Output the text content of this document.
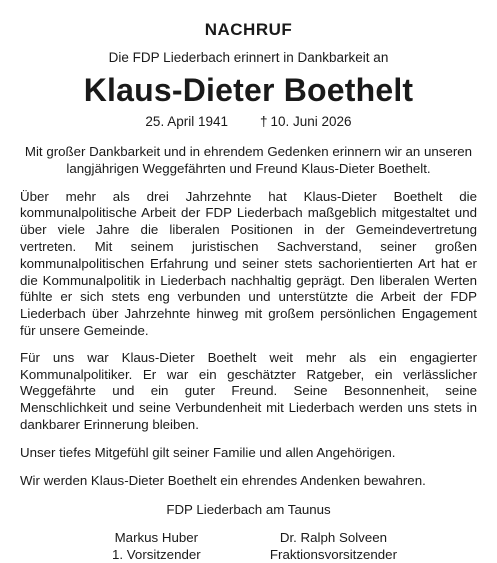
NACHRUF
Die FDP Liederbach erinnert in Dankbarkeit an
Klaus-Dieter Boethelt
25. April 1941 † 10. Juni 2026

Mit großer Dankbarkeit und in ehrendem Gedenken erinnern wir an unseren langjährigen Weggefährten und Freund Klaus-Dieter Boethelt.

Über mehr als drei Jahrzehnte hat Klaus-Dieter Boethelt die kommunalpolitische Arbeit der FDP Liederbach maßgeblich mitgestaltet und über viele Jahre die liberalen Positionen in der Gemeindevertretung vertreten. Mit seinem juristischen Sachverstand, seiner großen kommunalpolitischen Erfahrung und seiner stets sachorientierten Art hat er die Kommunalpolitik in Liederbach nachhaltig geprägt. Den liberalen Werten fühlte er sich stets eng verbunden und unterstützte die Arbeit der FDP Liederbach über Jahrzehnte hinweg mit großem persönlichen Engagement für unsere Gemeinde.

Für uns war Klaus-Dieter Boethelt weit mehr als ein engagierter Kommunalpolitiker. Er war ein geschätzter Ratgeber, ein verlässlicher Weggefährte und ein guter Freund. Seine Besonnenheit, seine Menschlichkeit und seine Verbundenheit mit Liederbach werden uns stets in dankbarer Erinnerung bleiben.

Unser tiefes Mitgefühl gilt seiner Familie und allen Angehörigen.

Wir werden Klaus-Dieter Boethelt ein ehrendes Andenken bewahren.

FDP Liederbach am Taunus
Markus Huber
1. Vorsitzender
Dr. Ralph Solveen
Fraktionsvorsitzender
